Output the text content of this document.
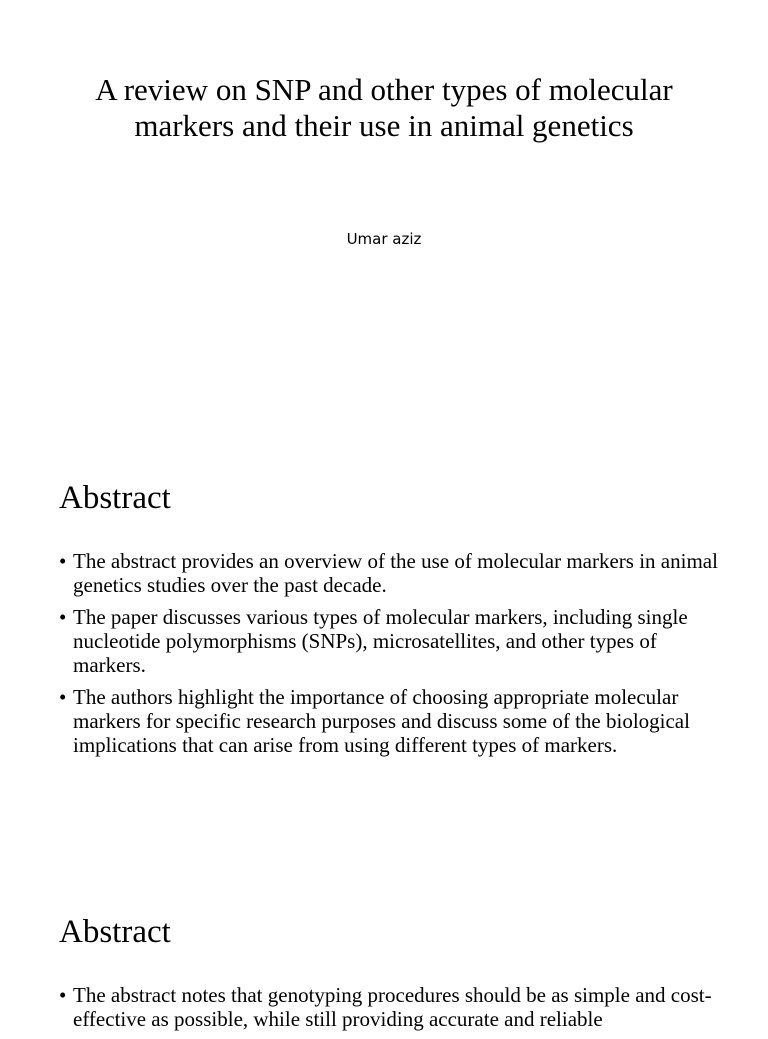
A review on SNP and other types of molecular markers and their use in animal genetics
Umar aziz
Abstract
• The abstract provides an overview of the use of molecular markers in animal genetics studies over the past decade.
• The paper discusses various types of molecular markers, including single nucleotide polymorphisms (SNPs), microsatellites, and other types of markers.
• The authors highlight the importance of choosing appropriate molecular markers for specific research purposes and discuss some of the biological implications that can arise from using different types of markers.
Abstract
• The abstract notes that genotyping procedures should be as simple and cost-effective as possible, while still providing accurate and reliable
